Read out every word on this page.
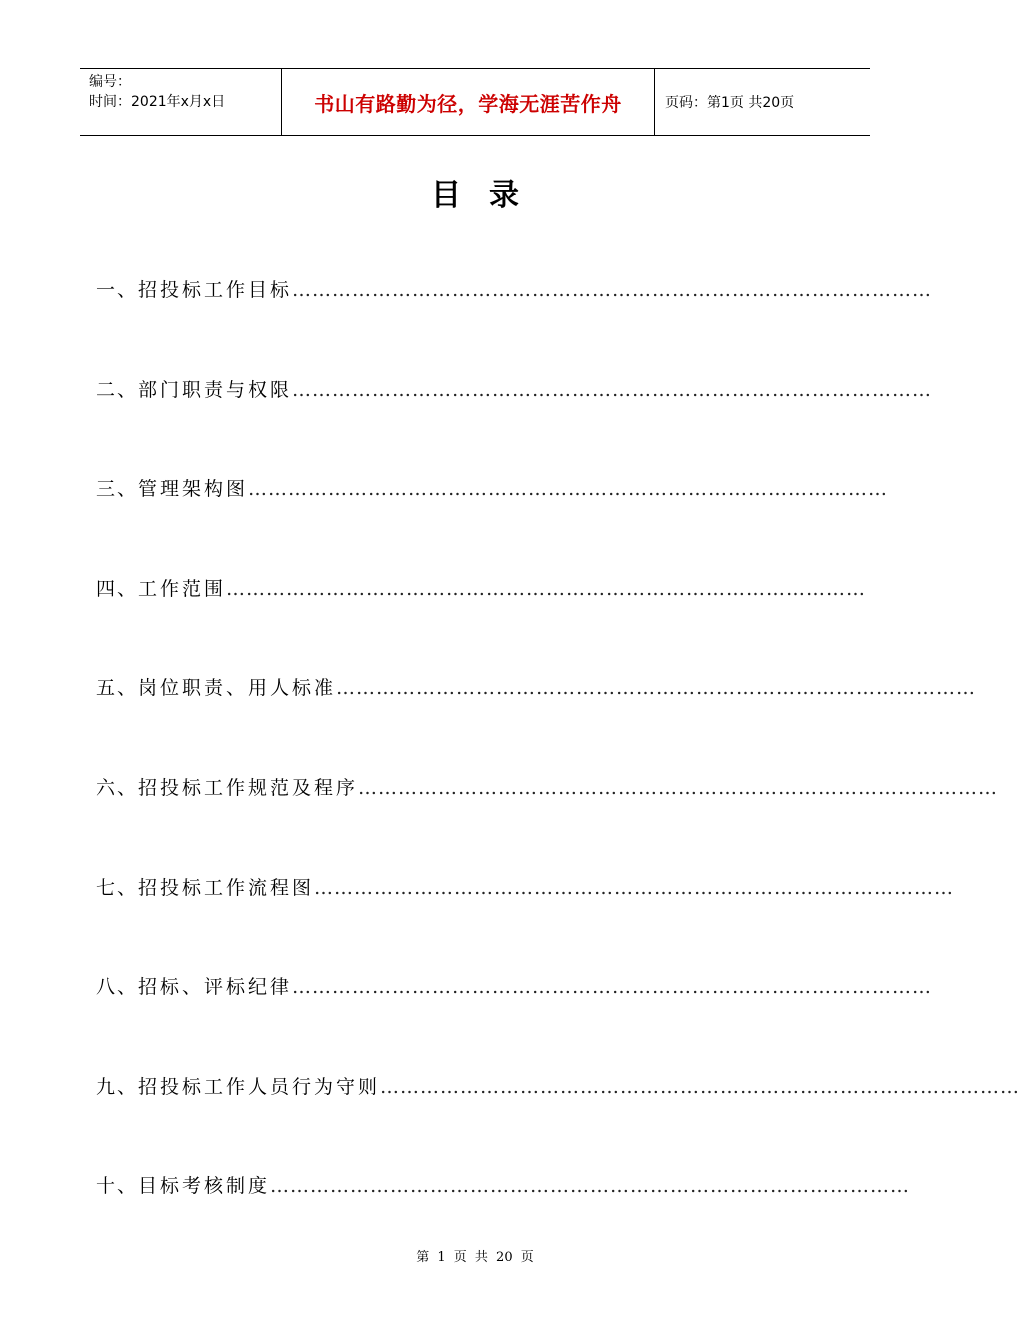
编号：
时间：2021年x月x日	书山有路勤为径，学海无涯苦作舟	页码：第1页 共20页
目录
一、 招投标工作目标 ……………………………………………………………………………………
二、 部门职责与权限 ……………………………………………………………………………………
三、 管理架构图 ……………………………………………………………………………………
四、 工作范围 ……………………………………………………………………………………
五、 岗位职责、用人标准 ……………………………………………………………………………………
六、 招投标工作规范及程序 ……………………………………………………………………………………
七、 招投标工作流程图 ……………………………………………………………………………………
八、 招标、评标纪律 ……………………………………………………………………………………
九、 招投标工作人员行为守则 ……………………………………………………………………………………
十、 目标考核制度 ……………………………………………………………………………………
第 1 页 共 20 页
